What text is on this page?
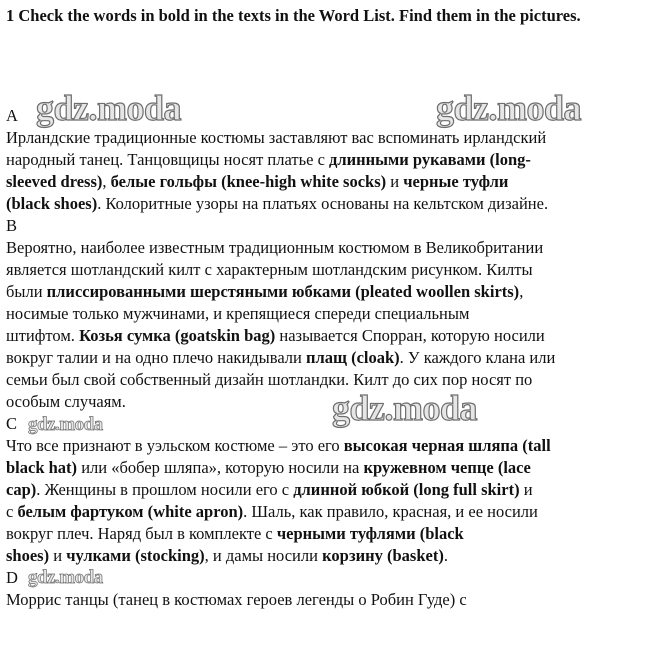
1 Check the words in bold in the texts in the Word List. Find them in the pictures.

A

B

C

D

Ирландские традиционные костюмы заставляют вас вспоминать ирландский

народный танец. Танцовщицы носят платье с длинными рукавами (long-

sleeved dress), белые гольфы (knee-high white socks) и черные туфли

(black shoes). Колоритные узоры на платьях основаны на кельтском дизайне.

Вероятно, наиболее известным традиционным костюмом в Великобритании

является шотландский килт с характерным шотландским рисунком. Килты

были плиссированными шерстяными юбками (pleated woollen skirts),

носимые только мужчинами, и крепящиеся спереди специальным

штифтом. Козья сумка (goatskin bag) называется Спорран, которую носили

вокруг талии и на одно плечо накидывали плащ (cloak). У каждого клана или

семьи был свой собственный дизайн шотландки. Килт до сих пор носят по

особым случаям.

Что все признают в уэльском костюме – это его высокая черная шляпа (tall

black hat) или «бобер шляпа», которую носили на кружевном чепце (lace

cap). Женщины в прошлом носили его с длинной юбкой (long full skirt) и

с белым фартуком (white apron). Шаль, как правило, красная, и ее носили

вокруг плеч. Наряд был в комплекте с черными туфлями (black

shoes) и чулками (stocking), и дамы носили корзину (basket).

Моррис танцы (танец в костюмах героев легенды о Робин Гуде) с

gdz.moda	gdz.moda

gdz.moda

gdz.moda

gdz.moda
